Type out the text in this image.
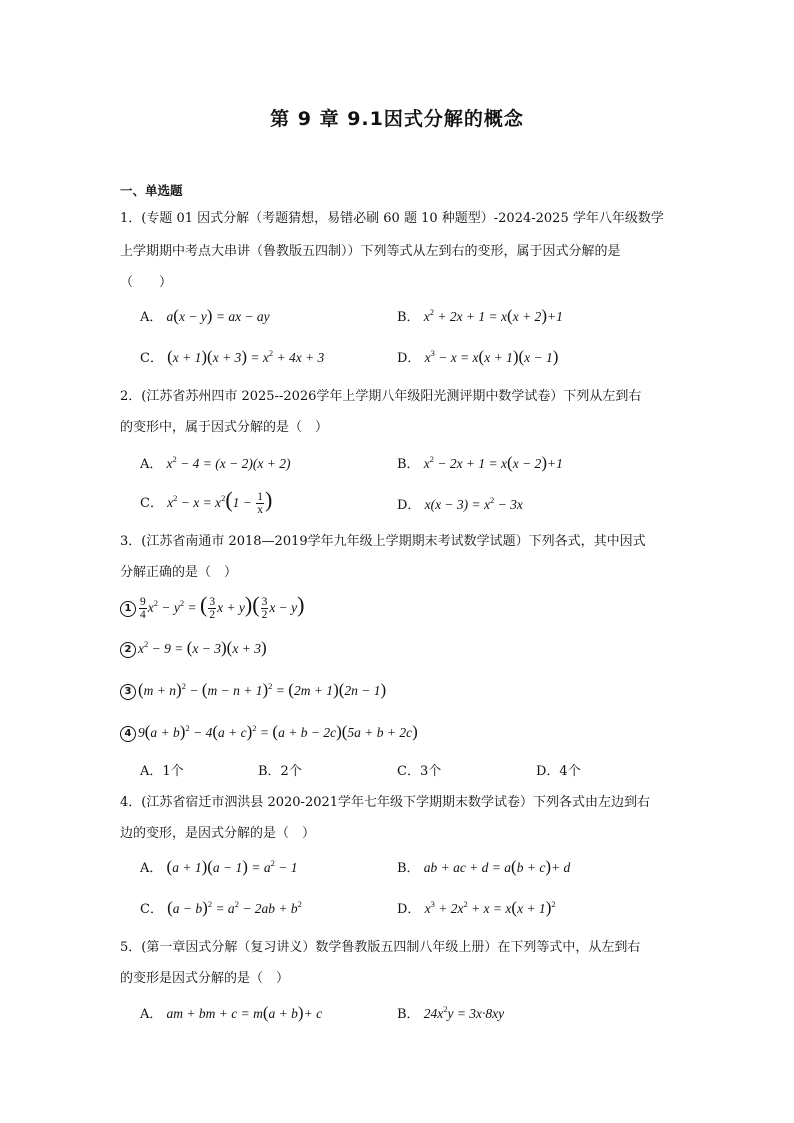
第 9 章 9.1因式分解的概念
一、单选题
1．(专题 01 因式分解（考题猜想，易错必刷 60 题 10 种题型）-2024-2025 学年八年级数学
上学期期中考点大串讲（鲁教版五四制））下列等式从左到右的变形，属于因式分解的是
（　　）
A． a(x − y) = ax − ay	B． $x^2 + 2x + 1 = x(x + 2)+1$
C． $(x + 1)(x + 3) = x^2 + 4x + 3$	D． $x^3 - x = x(x + 1)(x - 1)$
2．(江苏省苏州四市 2025--2026学年上学期八年级阳光测评期中数学试卷）下列从左到右
的变形中，属于因式分解的是（　）
A． $x^2 - 4 = (x - 2)(x + 2)$	B． $x^2 - 2x + 1 = x(x - 2)+1$
C． $x^2 - x = x^2(1 - \frac{1}{x}$ )	D． $x(x - 3) = x^2 - 3x$
3．(江苏省南通市 2018—2019学年九年级上学期期末考试数学试题）下列各式，其中因式
分解正确的是（　）
$1 \frac{9}{4} x^2 - y^2$ = ( $\frac{3}{2}$ $x + y)( \frac{3}{2}$ x − y)
2 $x^2 - 9 = (x - 3)(x + 3)$
3 $(m + n)^2 - (m - n + 1)^2 = (2m + 1)(2n - 1)$
4 $9(a + b)^2 - 4(a + c)^2 = (a + b - 2c)(5a + b + 2c)$
A．1个	B．2个	C．3个	D．4个
4．(江苏省宿迁市泗洪县 2020-2021学年七年级下学期期末数学试卷）下列各式由左边到右
边的变形，是因式分解的是（　）
A． $(a + 1)(a - 1) = a^2 - 1$	B． ab + ac + d = a(b + c)+ d
C． $(a - b)^2 = a^2 - 2ab + b^2$	D． $x^3 + 2x^2 + x = x(x + 1)^2$
5．(第一章因式分解（复习讲义）数学鲁教版五四制八年级上册）在下列等式中，从左到右
的变形是因式分解的是（　）
A． am + bm + c = m(a + b)+ c	B． $24x^2y = 3x\cdot 8xy$
